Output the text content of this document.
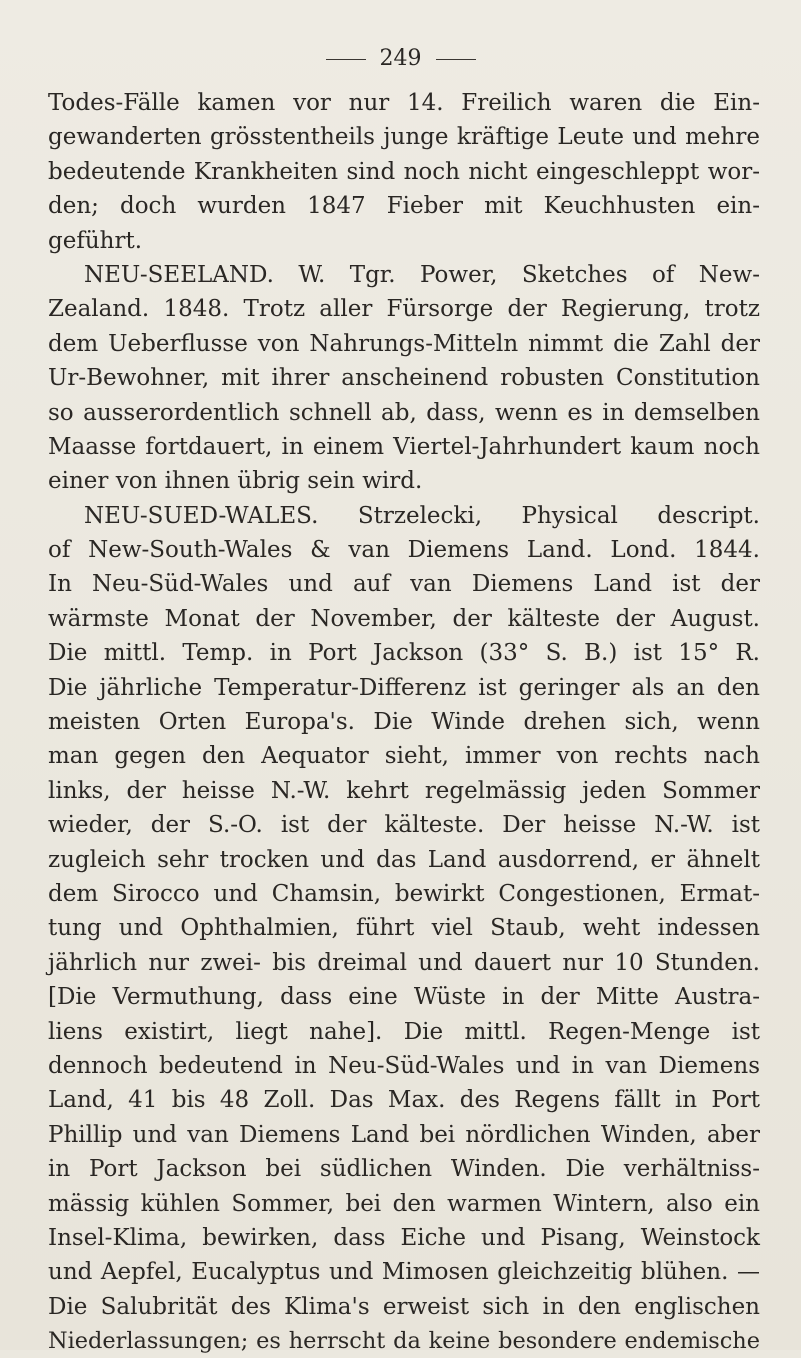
249
Todes-Fälle kamen vor nur 14. Freilich waren die Ein-
gewanderten grösstentheils junge kräftige Leute und mehre
bedeutende Krankheiten sind noch nicht eingeschleppt wor-
den; doch wurden 1847 Fieber mit Keuchhusten ein-
geführt.
NEU-SEELAND. W. Tgr. Power, Sketches of New-
Zealand. 1848. Trotz aller Fürsorge der Regierung, trotz
dem Ueberflusse von Nahrungs-Mitteln nimmt die Zahl der
Ur-Bewohner, mit ihrer anscheinend robusten Constitution
so ausserordentlich schnell ab, dass, wenn es in demselben
Maasse fortdauert, in einem Viertel-Jahrhundert kaum noch
einer von ihnen übrig sein wird.
NEU-SUED-WALES. Strzelecki, Physical descript.
of New-South-Wales & van Diemens Land. Lond. 1844.
In Neu-Süd-Wales und auf van Diemens Land ist der
wärmste Monat der November, der kälteste der August.
Die mittl. Temp. in Port Jackson (33° S. B.) ist 15° R.
Die jährliche Temperatur-Differenz ist geringer als an den
meisten Orten Europa's. Die Winde drehen sich, wenn
man gegen den Aequator sieht, immer von rechts nach
links, der heisse N.-W. kehrt regelmässig jeden Sommer
wieder, der S.-O. ist der kälteste. Der heisse N.-W. ist
zugleich sehr trocken und das Land ausdorrend, er ähnelt
dem Sirocco und Chamsin, bewirkt Congestionen, Ermat-
tung und Ophthalmien, führt viel Staub, weht indessen
jährlich nur zwei- bis dreimal und dauert nur 10 Stunden.
[Die Vermuthung, dass eine Wüste in der Mitte Austra-
liens existirt, liegt nahe]. Die mittl. Regen-Menge ist
dennoch bedeutend in Neu-Süd-Wales und in van Diemens
Land, 41 bis 48 Zoll. Das Max. des Regens fällt in Port
Phillip und van Diemens Land bei nördlichen Winden, aber
in Port Jackson bei südlichen Winden. Die verhältniss-
mässig kühlen Sommer, bei den warmen Wintern, also ein
Insel-Klima, bewirken, dass Eiche und Pisang, Weinstock
und Aepfel, Eucalyptus und Mimosen gleichzeitig blühen. —
Die Salubrität des Klima's erweist sich in den englischen
Niederlassungen; es herrscht da keine besondere endemische
